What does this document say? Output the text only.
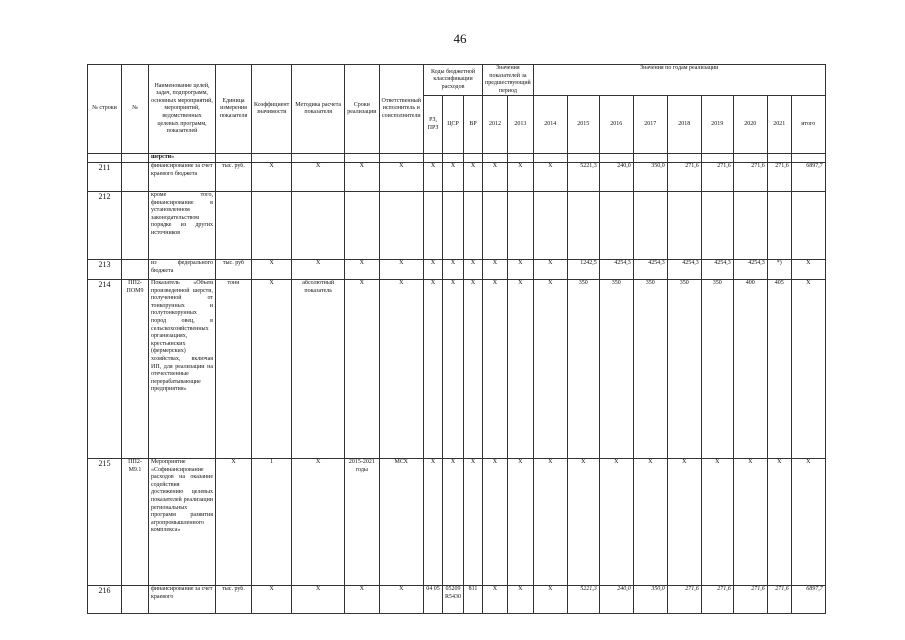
46
№ строки	№	Наименование целей, задач, подпрограмм, основных мероприятий, мероприятий, ведомственных целевых программ, показателей	Единица измерения показателя	Коэффициент значимости	Методика расчета показателя	Сроки реализации	Ответственный исполнитель и соисполнители	Коды бюджетной классификации расходов			Значения показателей за предшествующий период		Значения по годам реализации								
								РЗ, ПРЗ	ЦСР	ВР	2012	2013	2014	2015	2016	2017	2018	2019	2020	2021	итого
		шерсти»																			
211		финансирование за счет краевого бюджета	тыс. руб.	X	X	X	X	X	X	X	X	X	X	5221,3	240,0	350,0	271,6	271,6	271,6	271,6	6897,7
212		кроме того, финансирование в установленном законодательством порядке из других источников																			
213		из федерального бюджета	тыс. руб	X	X	X	X	X	X	X	X	X	X	1242,5	4254,3	4254,3	4254,3	4254,3	4254,3	*)	X
214	ПП2-ПОМ9	Показатель «Объем произведенной шерсти, полученной от тонкорунных и полутонкорунных пород овец, в сельскохозяйственных организациях, крестьянских (фермерских) хозяйствах, включая ИП, для реализации на отечественные перерабатывающие предприятия»	тонн	X	абсолютный показатель	X	X	X	X	X	X	X	X	350	350	350	350	350	400	405	X
215	ПП2-М9.1	Мероприятие «Софинансирование расходов на оказание содействия достижению целевых показателей реализации региональных программ развития агропромышленного комплекса»	X	1	X	2015-2021 годы	МСХ	X	X	X	X	X	X	X	X	X	X	X	X	X	X
216		финансирование за счет краевого	тыс. руб.	X	X	X	X	04 05	05209 R5430	811	X	X	X	5221,3	240,0	350,0	271,6	271,6	271,6	271,6	6897,7
